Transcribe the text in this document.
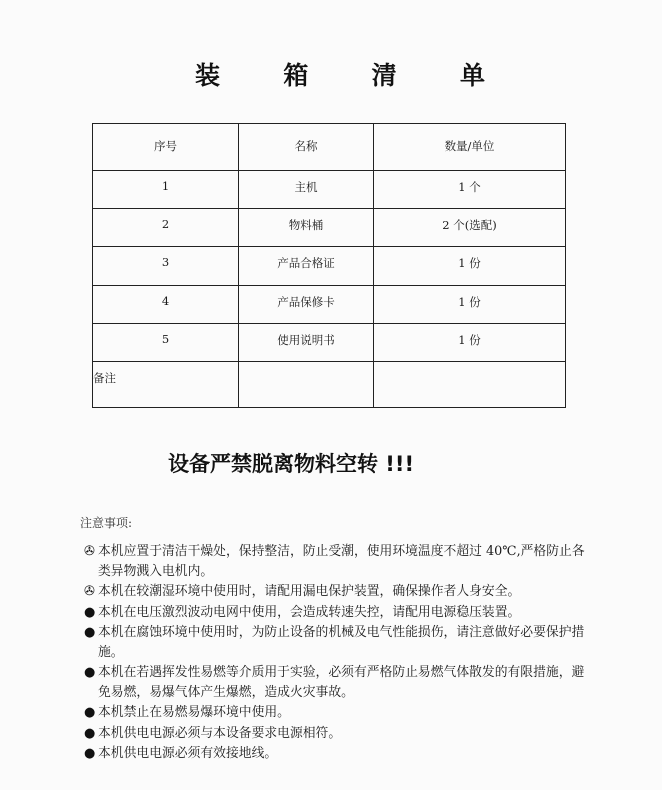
装	箱	清	单
序号	名称	数量/单位
1	主机	1 个
2	物料桶	2 个(选配)
3	产品合格证	1 份
4	产品保修卡	1 份
5	使用说明书	1 份
备注		
设备严禁脱离物料空转 !!!
注意事项:
✇ 本机应置于清洁干燥处，保持整洁，防止受潮，使用环境温度不超过 40℃,严格防止各类异物溅入电机内。
✇ 本机在较潮湿环境中使用时，请配用漏电保护装置，确保操作者人身安全。
● 本机在电压激烈波动电网中使用，会造成转速失控，请配用电源稳压装置。
● 本机在腐蚀环境中使用时，为防止设备的机械及电气性能损伤，请注意做好必要保护措施。
● 本机在若遇挥发性易燃等介质用于实验，必须有严格防止易燃气体散发的有限措施，避免易燃，易爆气体产生爆燃，造成火灾事故。
● 本机禁止在易燃易爆环境中使用。
● 本机供电电源必须与本设备要求电源相符。
● 本机供电电源必须有效接地线。
